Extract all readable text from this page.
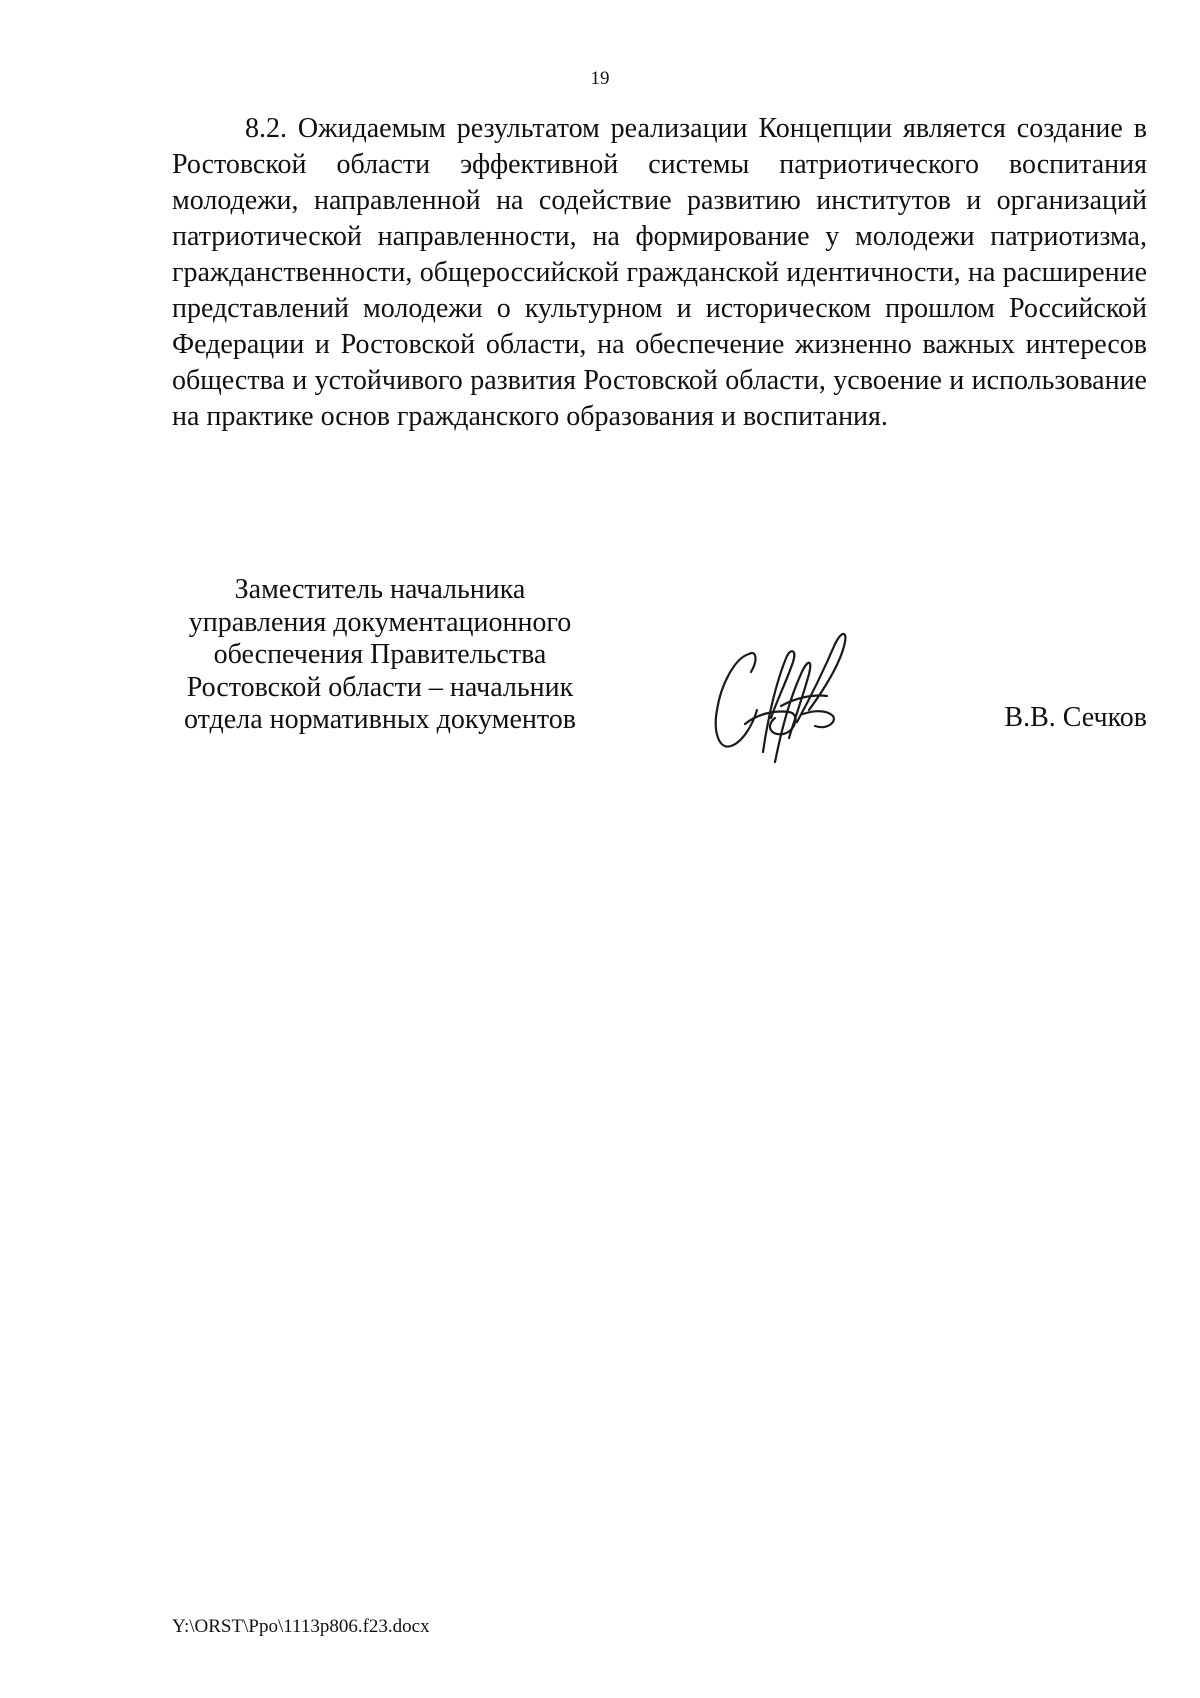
19

8.2. Ожидаемым результатом реализации Концепции является создание в Ростовской области эффективной системы патриотического воспитания молодежи, направленной на содействие развитию институтов и организаций патриотической направленности, на формирование у молодежи патриотизма, гражданственности, общероссийской гражданской идентичности, на расширение представлений молодежи о культурном и историческом прошлом Российской Федерации и Ростовской области, на обеспечение жизненно важных интересов общества и устойчивого развития Ростовской области, усвоение и использование на практике основ гражданского образования и воспитания.

Заместитель начальника
управления документационного
обеспечения Правительства
Ростовской области – начальник
отдела нормативных документов	В.В. Сечков
Y:\ORST\Ppo\1113p806.f23.docx
